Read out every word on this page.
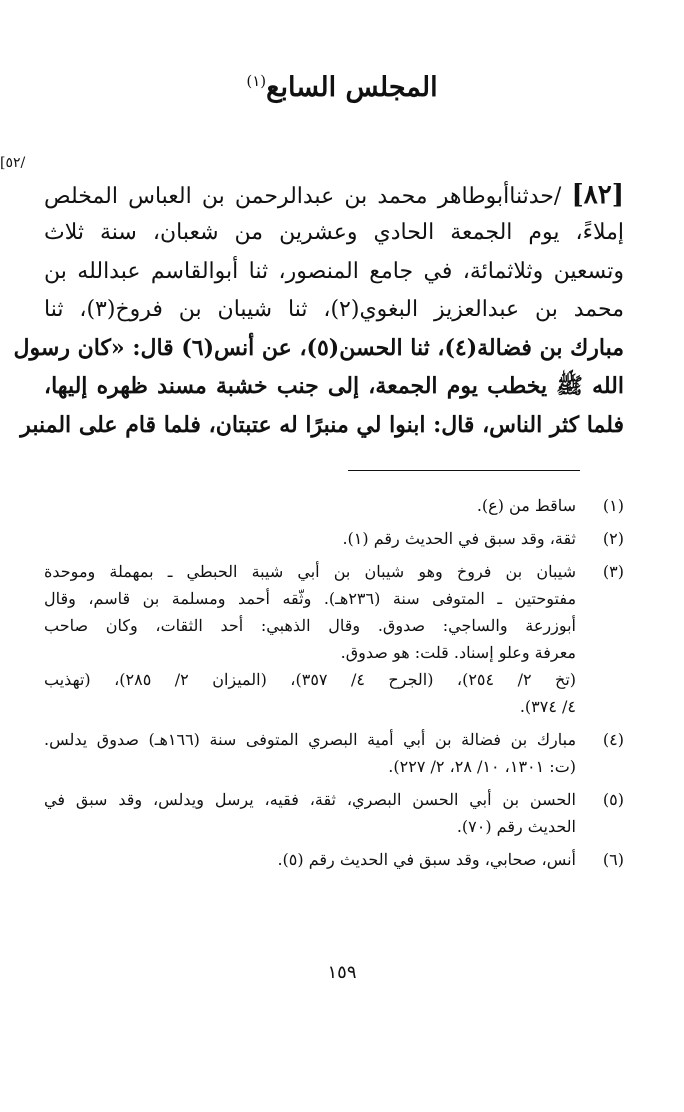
المجلس السابع$^{(١)}$
/٥٢]
[٨٢] /حدثناأبوطاهر محمد بن عبدالرحمن بن العباس المخلص
إملاءً، يوم الجمعة الحادي وعشرين من شعبان، سنة ثلاث
وتسعين وثلاثمائة، في جامع المنصور، ثنا أبوالقاسم عبدالله بن
محمد بن عبدالعزيز البغوي(٢)، ثنا شيبان بن فروخ(٣)، ثنا
مبارك بن فضالة(٤)، ثنا الحسن(٥)، عن أنس(٦) قال: «كان رسول
الله ﷺ يخطب يوم الجمعة، إلى جنب خشبة مسند ظهره إليها،
فلما كثر الناس، قال: ابنوا لي منبرًا له عتبتان، فلما قام على المنبر
(١)
ساقط من (ع).
(٢)
ثقة، وقد سبق في الحديث رقم (١).
(٣)
شيبان بن فروخ وهو شيبان بن أبي شيبة الحبطي ـ بمهملة وموحدة
مفتوحتين ـ المتوفى سنة (٢٣٦هـ). وثّقه أحمد ومسلمة بن قاسم، وقال
أبوزرعة والساجي: صدوق. وقال الذهبي: أحد الثقات، وكان صاحب
معرفة وعلو إسناد. قلت: هو صدوق.
(تخ ٢/ ٢٥٤)، (الجرح ٤/ ٣٥٧)، (الميزان ٢/ ٢٨٥)، (تهذيب
٤/ ٣٧٤).
(٤)
مبارك بن فضالة بن أبي أمية البصري المتوفى سنة (١٦٦هـ) صدوق يدلس.
(ت: ١٣٠١، ١٠/ ٢٨، ٢/ ٢٢٧).
(٥)
الحسن بن أبي الحسن البصري، ثقة، فقيه، يرسل ويدلس، وقد سبق في
الحديث رقم (٧٠).
(٦)
أنس، صحابي، وقد سبق في الحديث رقم (٥).
١٥٩
